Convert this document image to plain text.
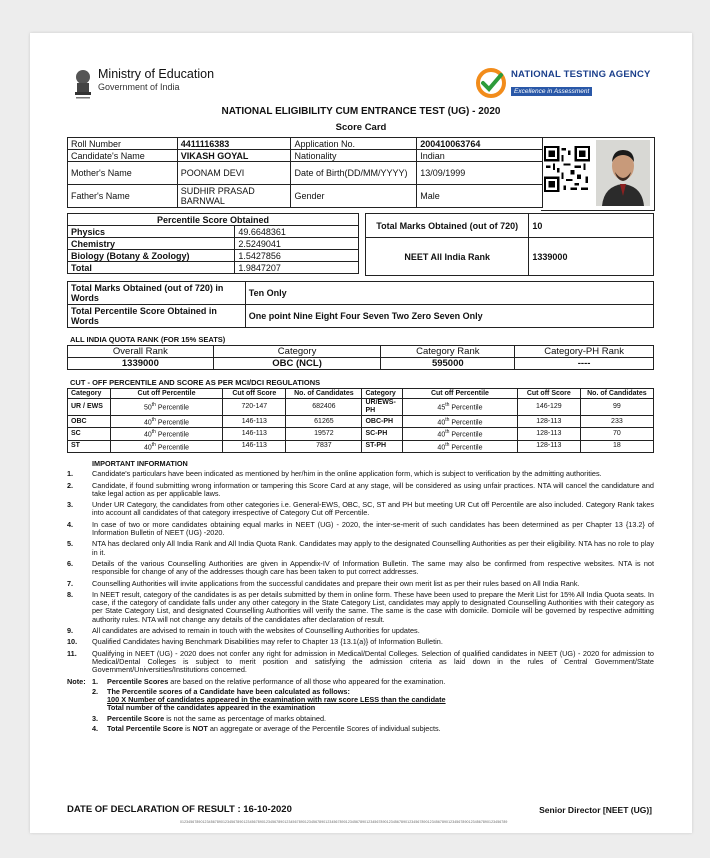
Ministry of Education
Government of India
NATIONAL TESTING AGENCY
Excellence in Assessment
NATIONAL ELIGIBILITY CUM ENTRANCE TEST (UG) - 2020
Score Card
Roll Number	4411116383	Application No.	200410063764
Candidate's Name	VIKASH GOYAL	Nationality	Indian
Mother's Name	POONAM DEVI	Date of Birth(DD/MM/YYYY)	13/09/1999
Father's Name	SUDHIR PRASAD BARNWAL	Gender	Male
Percentile Score Obtained	
Physics	49.6648361
Chemistry	2.5249041
Biology (Botany & Zoology)	1.5427856
Total	1.9847207
Total Marks Obtained (out of 720)	10
NEET All India Rank	1339000
Total Marks Obtained (out of 720) in Words	Ten Only
Total Percentile Score Obtained in Words	One point Nine Eight Four Seven Two Zero Seven Only
ALL INDIA QUOTA RANK (FOR 15% SEATS)
Overall Rank	Category	Category Rank	Category-PH Rank
1339000	OBC (NCL)	595000	----
CUT - OFF PERCENTILE AND SCORE AS PER MCI/DCI REGULATIONS
Category	Cut off Percentile	Cut off Score	No. of Candidates	Category	Cut off Percentile	Cut off Score	No. of Candidates
UR / EWS	50th Percentile	720-147	682406	UR/EWS-PH	45th Percentile	146-129	99
OBC	40th Percentile	146-113	61265	OBC-PH	40th Percentile	128-113	233
SC	40th Percentile	146-113	19572	SC-PH	40th Percentile	128-113	70
ST	40th Percentile	146-113	7837	ST-PH	40th Percentile	128-113	18
IMPORTANT INFORMATION
1.	Candidate's particulars have been indicated as mentioned by her/him in the online application form, which is subject to verification by the admitting authorities.
2.	Candidate, if found submitting wrong information or tampering this Score Card at any stage, will be considered as using unfair practices. NTA will cancel the candidature and take legal action as per applicable laws.
3.	Under UR Category, the candidates from other categories i.e. General-EWS, OBC, SC, ST and PH but meeting UR Cut off Percentile are also included. Category Rank takes into account all candidates of that category irrespective of Category Cut off Percentile.
4.	In case of two or more candidates obtaining equal marks in NEET (UG) - 2020, the inter-se-merit of such candidates has been determined as per Chapter 13 {13.2} of Information Bulletin of NEET (UG) -2020.
5.	NTA has declared only All India Rank and All India Quota Rank. Candidates may apply to the designated Counselling Authorities as per their eligibility. NTA has no role to play in it.
6.	Details of the various Counselling Authorities are given in Appendix-IV of Information Bulletin. The same may also be confirmed from respective websites. NTA is not responsible for change of any of the addresses though care has been taken to put correct addresses.
7.	Counselling Authorities will invite applications from the successful candidates and prepare their own merit list as per their rules based on All India Rank.
8.	In NEET result, category of the candidates is as per details submitted by them in online form. These have been used to prepare the Merit List for 15% All India Quota seats. In case, if the category of candidate falls under any other category in the State Category List, candidates may apply to designated Counselling Authorities with their category as per State Category List, and designated Counselling Authorities will verify the same. The same is the case with domicile. Domicile will be governed by respective admitting authority rules. NTA will not change any details of the candidates after declaration of result.
9.	All candidates are advised to remain in touch with the websites of Counselling Authorities for updates.
10.	Qualified Candidates having Benchmark Disabilities may refer to Chapter 13 {13.1(a)} of Information Bulletin.
11.	Qualifying in NEET (UG) - 2020 does not confer any right for admission in Medical/Dental Colleges. Selection of qualified candidates in NEET (UG) - 2020 for admission to Medical/Dental Colleges is subject to merit position and satisfying the admission criteria as laid down in the rules of Central Government/State Government/Universities/Institutions concerned.
Note: 1.	Percentile Scores are based on the relative performance of all those who appeared for the examination.
2.	The Percentile scores of a Candidate have been calculated as follows:
100 X Number of candidates appeared in the examination with raw score LESS than the candidate
Total number of the candidates appeared in the examination
3.	Percentile Score is not the same as percentage of marks obtained.
4.	Total Percentile Score is NOT an aggregate or average of the Percentile Scores of individual subjects.
DATE OF DECLARATION OF RESULT : 16-10-2020	Senior Director [NEET (UG)]
0123456789012345678901234567890123456789012345678901234567890123456789012345678901234567890123456789012345678901234567890123456789012345678901234567890123456789
